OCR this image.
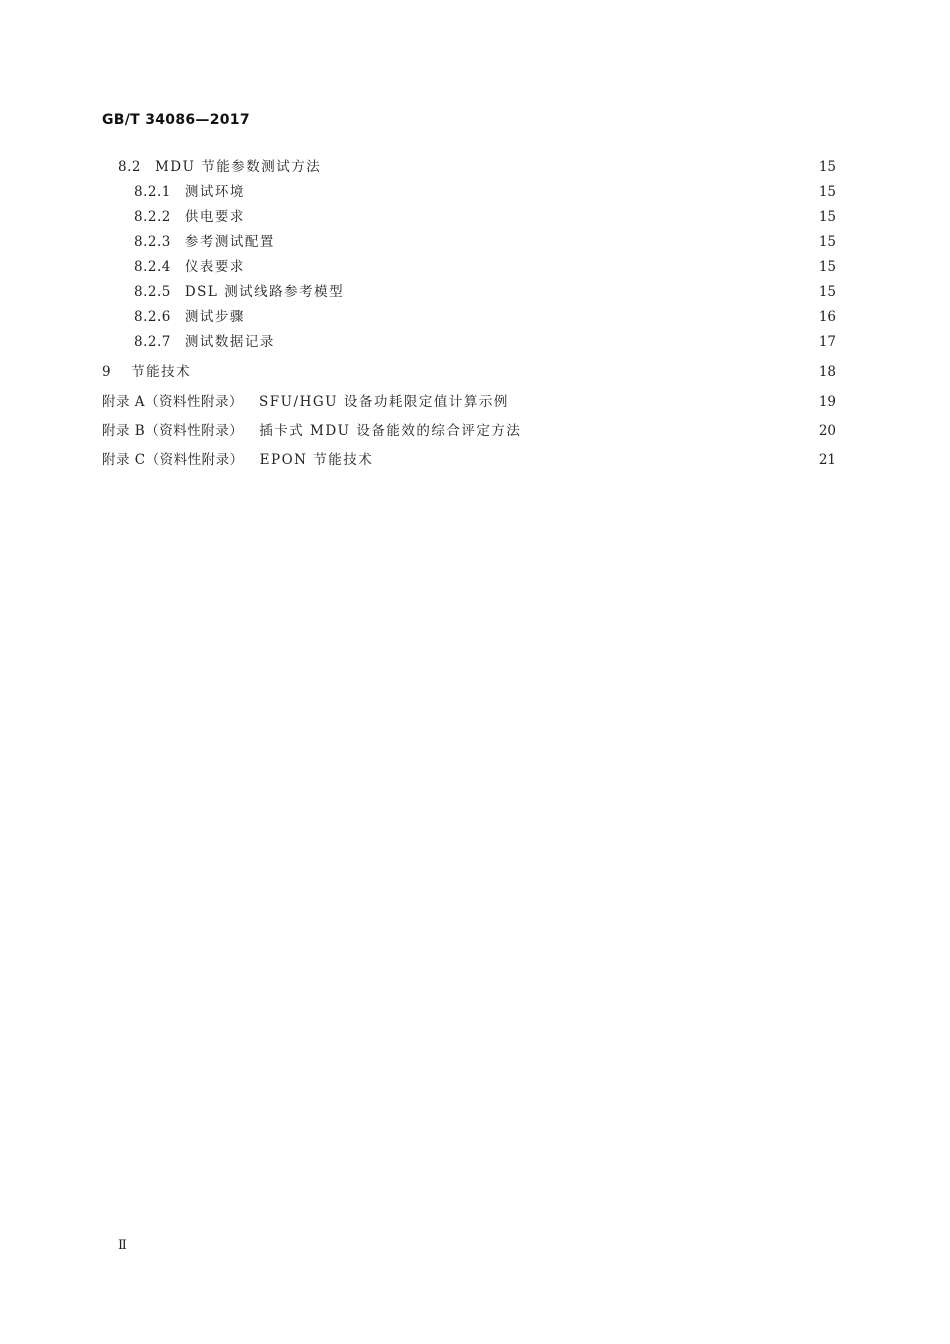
GB/T 34086—2017
8.2 MDU 节能参数测试方法	15
8.2.1 测试环境	15
8.2.2 供电要求	15
8.2.3 参考测试配置	15
8.2.4 仪表要求	15
8.2.5 DSL 测试线路参考模型	15
8.2.6 测试步骤	16
8.2.7 测试数据记录	17
9 节能技术	18
附录 A（资料性附录） SFU/HGU 设备功耗限定值计算示例	19
附录 B（资料性附录） 插卡式 MDU 设备能效的综合评定方法	20
附录 C（资料性附录） EPON 节能技术	21
Ⅱ
